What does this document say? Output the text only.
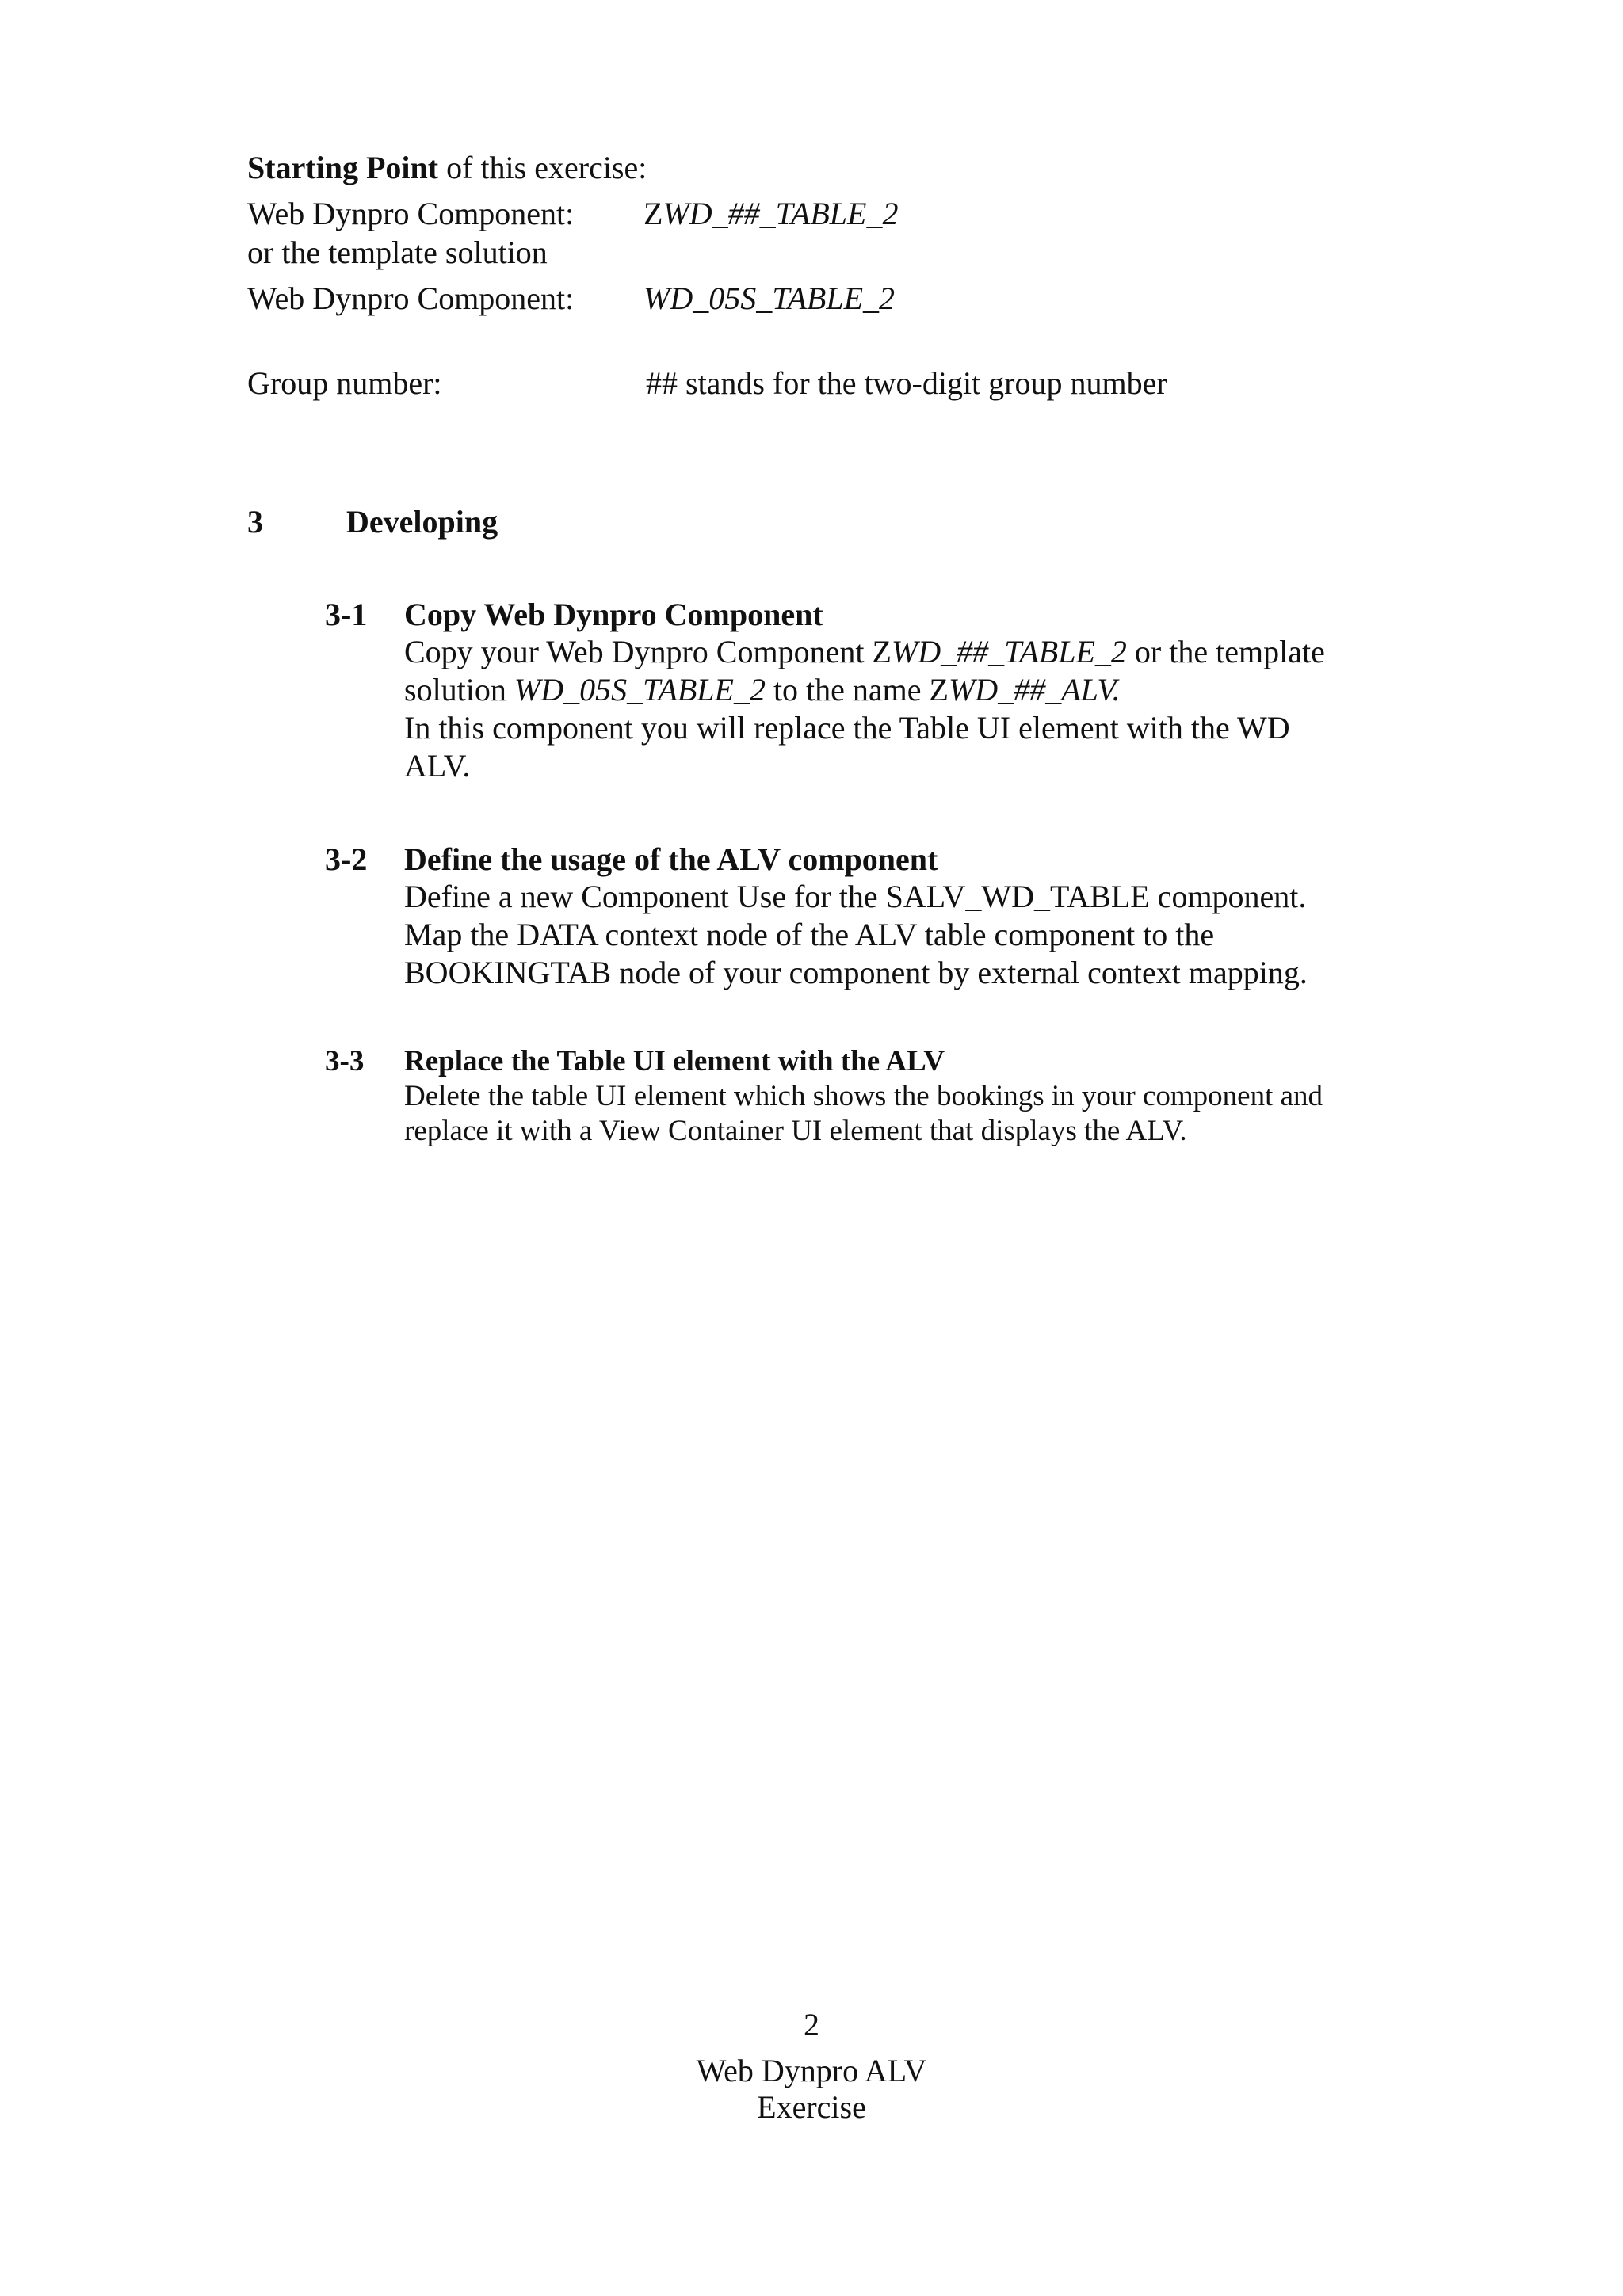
Starting Point of this exercise:
Web Dynpro Component: ZWD_##_TABLE_2
or the template solution
Web Dynpro Component: WD_05S_TABLE_2
Group number:	## stands for the two-digit group number
3	Developing
3-1 Copy Web Dynpro Component
Copy your Web Dynpro Component ZWD_##_TABLE_2 or the template
solution WD_05S_TABLE_2 to the name ZWD_##_ALV.
In this component you will replace the Table UI element with the WD
ALV.
3-2 Define the usage of the ALV component
Define a new Component Use for the SALV_WD_TABLE component.
Map the DATA context node of the ALV table component to the
BOOKINGTAB node of your component by external context mapping.
3-3 Replace the Table UI element with the ALV
Delete the table UI element which shows the bookings in your component and
replace it with a View Container UI element that displays the ALV.
2
Web Dynpro ALV
Exercise
